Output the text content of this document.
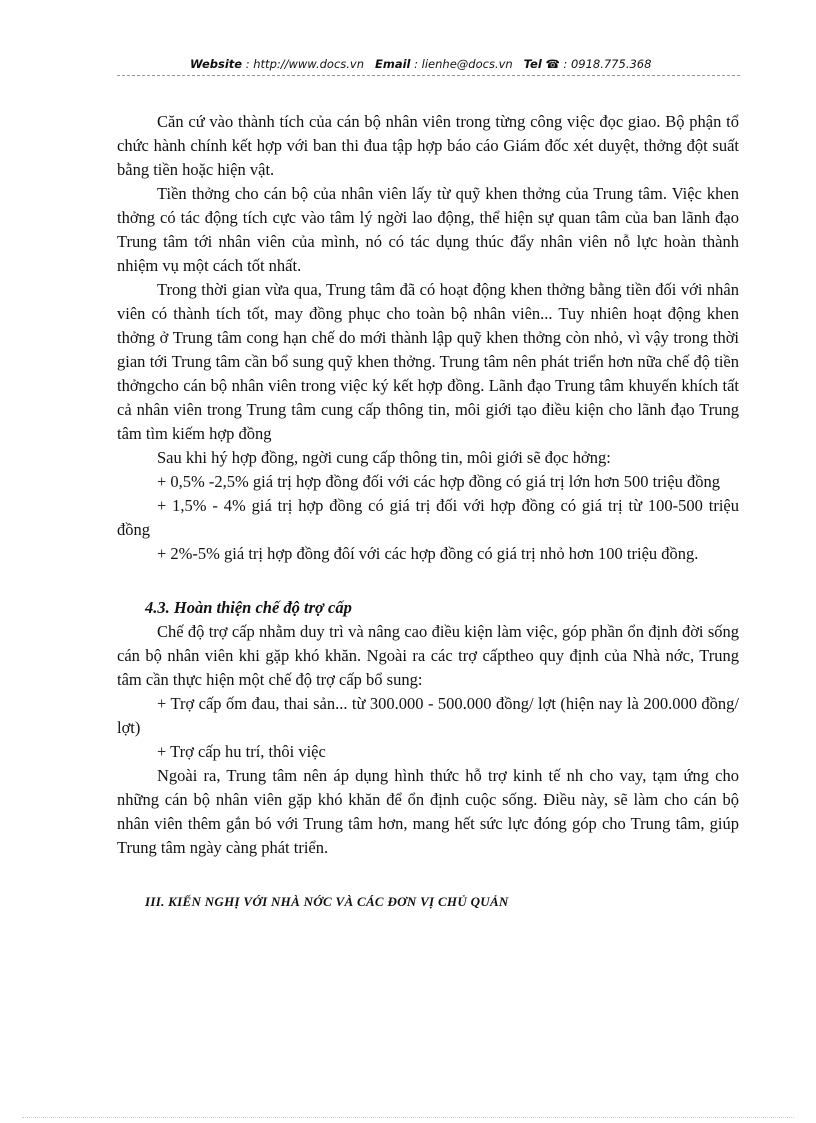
Website : http://www.docs.vn Email : lienhe@docs.vn Tel ☎ : 0918.775.368

Căn cứ vào thành tích của cán bộ nhân viên trong từng công việc đọc giao. Bộ phận tổ chức hành chính kết hợp với ban thi đua tập hợp báo cáo Giám đốc xét duyệt, thởng đột suất bằng tiền hoặc hiện vật.

Tiền thởng cho cán bộ của nhân viên lấy từ quỹ khen thởng của Trung tâm. Việc khen thởng có tác động tích cực vào tâm lý ngời lao động, thể hiện sự quan tâm của ban lãnh đạo Trung tâm tới nhân viên của mình, nó có tác dụng thúc đẩy nhân viên nỗ lực hoàn thành nhiệm vụ một cách tốt nhất.

Trong thời gian vừa qua, Trung tâm đã có hoạt động khen thởng bằng tiền đối với nhân viên có thành tích tốt, may đồng phục cho toàn bộ nhân viên... Tuy nhiên hoạt động khen thởng ở Trung tâm cong hạn chế do mới thành lập quỹ khen thởng còn nhỏ, vì vậy trong thời gian tới Trung tâm cần bổ sung quỹ khen thởng. Trung tâm nên phát triển hơn nữa chế độ tiền thởngcho cán bộ nhân viên trong việc ký kết hợp đồng. Lãnh đạo Trung tâm khuyến khích tất cả nhân viên trong Trung tâm cung cấp thông tin, môi giới tạo điều kiện cho lãnh đạo Trung tâm tìm kiếm hợp đồng

Sau khi hý hợp đồng, ngời cung cấp thông tin, môi giới sẽ đọc hởng:

+ 0,5% -2,5% giá trị hợp đồng đối với các hợp đồng có giá trị lớn hơn 500 triệu đồng

+ 1,5% - 4% giá trị hợp đồng có giá trị đối với hợp đồng có giá trị từ 100-500 triệu đồng

+ 2%-5% giá trị hợp đồng đôí với các hợp đồng có giá trị nhỏ hơn 100 triệu đồng.

4.3. Hoàn thiện chế độ trợ cấp

Chế độ trợ cấp nhằm duy trì và nâng cao điều kiện làm việc, góp phần ổn định đời sống cán bộ nhân viên khi gặp khó khăn. Ngoài ra các trợ cấptheo quy định của Nhà nớc, Trung tâm cần thực hiện một chế độ trợ cấp bổ sung:

+ Trợ cấp ốm đau, thai sản... từ 300.000 - 500.000 đồng/ lợt (hiện nay là 200.000 đồng/ lợt)

+ Trợ cấp hu trí, thôi việc

Ngoài ra, Trung tâm nên áp dụng hình thức hỗ trợ kinh tế nh cho vay, tạm ứng cho những cán bộ nhân viên gặp khó khăn để ổn định cuộc sống. Điều này, sẽ làm cho cán bộ nhân viên thêm gắn bó với Trung tâm hơn, mang hết sức lực đóng góp cho Trung tâm, giúp Trung tâm ngày càng phát triển.

III. KIẾN NGHỊ VỚI NHÀ NỚC VÀ CÁC ĐƠN VỊ CHỦ QUẢN
